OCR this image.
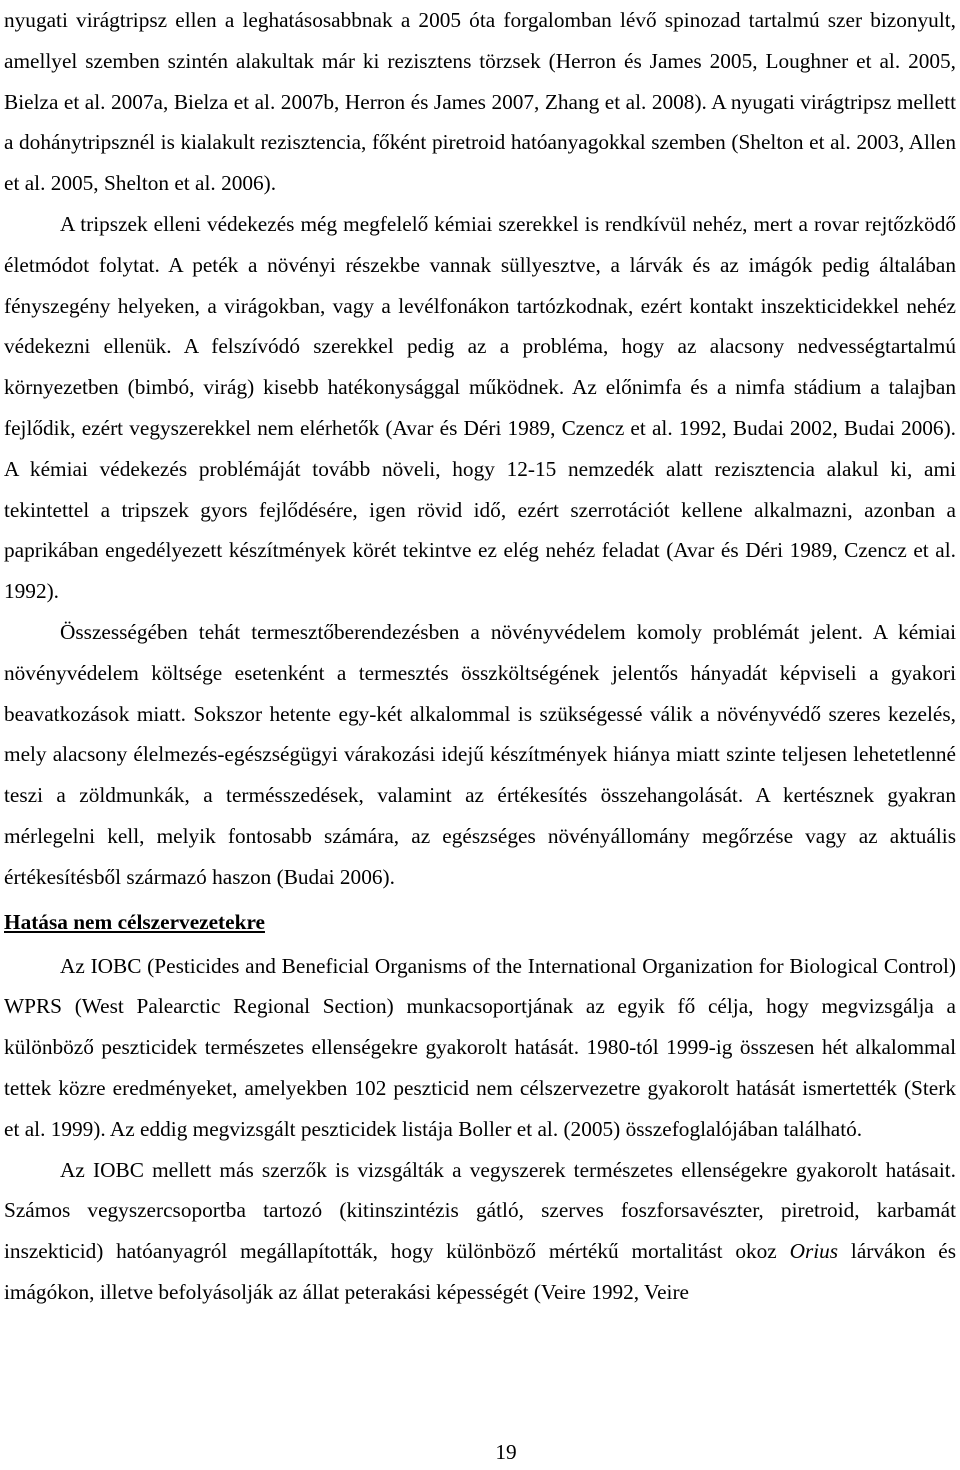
nyugati virágtripsz ellen a leghatásosabbnak a 2005 óta forgalomban lévő spinozad tartalmú szer bizonyult, amellyel szemben szintén alakultak már ki rezisztens törzsek (Herron és James 2005, Loughner et al. 2005, Bielza et al. 2007a, Bielza et al. 2007b, Herron és James 2007, Zhang et al. 2008). A nyugati virágtripsz mellett a dohánytripsznél is kialakult rezisztencia, főként piretroid hatóanyagokkal szemben (Shelton et al. 2003, Allen et al. 2005, Shelton et al. 2006).

A tripszek elleni védekezés még megfelelő kémiai szerekkel is rendkívül nehéz, mert a rovar rejtőzködő életmódot folytat. A peték a növényi részekbe vannak süllyesztve, a lárvák és az imágók pedig általában fényszegény helyeken, a virágokban, vagy a levélfonákon tartózkodnak, ezért kontakt inszekticidekkel nehéz védekezni ellenük. A felszívódó szerekkel pedig az a probléma, hogy az alacsony nedvességtartalmú környezetben (bimbó, virág) kisebb hatékonysággal működnek. Az előnimfa és a nimfa stádium a talajban fejlődik, ezért vegyszerekkel nem elérhetők (Avar és Déri 1989, Czencz et al. 1992, Budai 2002, Budai 2006). A kémiai védekezés problémáját tovább növeli, hogy 12-15 nemzedék alatt rezisztencia alakul ki, ami tekintettel a tripszek gyors fejlődésére, igen rövid idő, ezért szerrotációt kellene alkalmazni, azonban a paprikában engedélyezett készítmények körét tekintve ez elég nehéz feladat (Avar és Déri 1989, Czencz et al. 1992).

Összességében tehát termesztőberendezésben a növényvédelem komoly problémát jelent. A kémiai növényvédelem költsége esetenként a termesztés összköltségének jelentős hányadát képviseli a gyakori beavatkozások miatt. Sokszor hetente egy-két alkalommal is szükségessé válik a növényvédő szeres kezelés, mely alacsony élelmezés-egészségügyi várakozási idejű készítmények hiánya miatt szinte teljesen lehetetlenné teszi a zöldmunkák, a termésszedések, valamint az értékesítés összehangolását. A kertésznek gyakran mérlegelni kell, melyik fontosabb számára, az egészséges növényállomány megőrzése vagy az aktuális értékesítésből származó haszon (Budai 2006).

Hatása nem célszervezetekre

Az IOBC (Pesticides and Beneficial Organisms of the International Organization for Biological Control) WPRS (West Palearctic Regional Section) munkacsoportjának az egyik fő célja, hogy megvizsgálja a különböző peszticidek természetes ellenségekre gyakorolt hatását. 1980-tól 1999-ig összesen hét alkalommal tettek közre eredményeket, amelyekben 102 peszticid nem célszervezetre gyakorolt hatását ismertették (Sterk et al. 1999). Az eddig megvizsgált peszticidek listája Boller et al. (2005) összefoglalójában található.

Az IOBC mellett más szerzők is vizsgálták a vegyszerek természetes ellenségekre gyakorolt hatásait. Számos vegyszercsoportba tartozó (kitinszintézis gátló, szerves foszforsavészter, piretroid, karbamát inszekticid) hatóanyagról megállapították, hogy különböző mértékű mortalitást okoz Orius lárvákon és imágókon, illetve befolyásolják az állat peterakási képességét (Veire 1992, Veire

19
